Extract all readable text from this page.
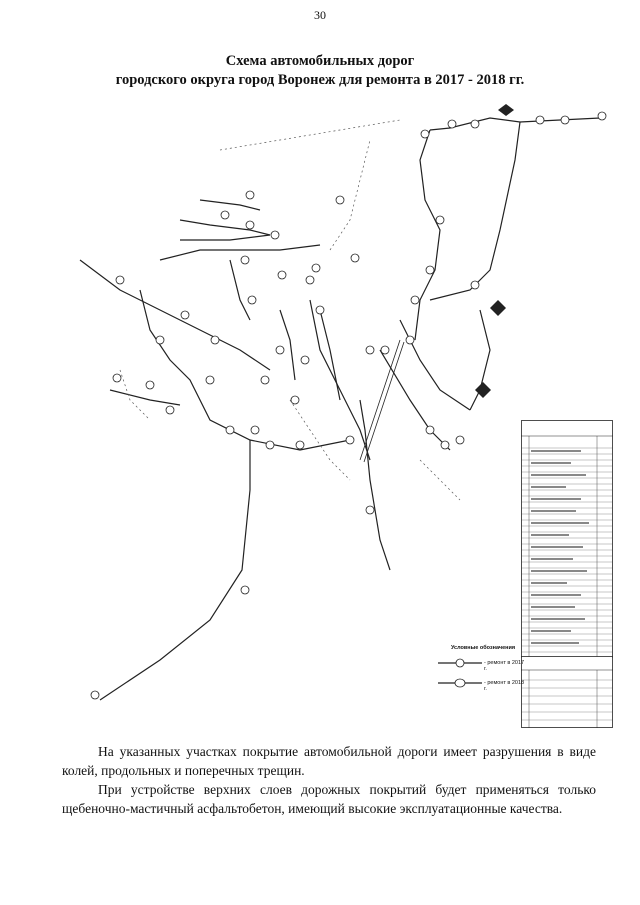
30
Схема автомобильных дорог
городского округа город Воронеж для ремонта в 2017 - 2018 гг.
Условные обозначения
- ремонт в 2017 г.
- ремонт в 2018 г.
На указанных участках покрытие автомобильной дороги имеет разрушения в виде колей, продольных и поперечных трещин.
При устройстве верхних слоев дорожных покрытий будет применяться только щебеночно-мастичный асфальтобетон, имеющий высокие эксплуатационные качества.
